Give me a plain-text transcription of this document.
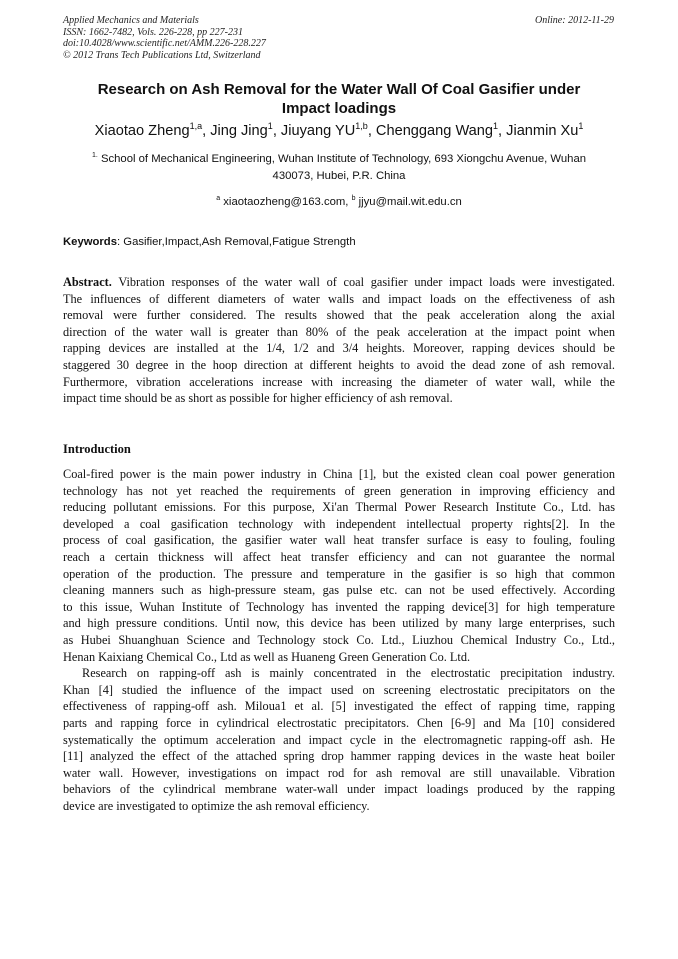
Applied Mechanics and Materials
ISSN: 1662-7482, Vols. 226-228, pp 227-231
doi:10.4028/www.scientific.net/AMM.226-228.227
© 2012 Trans Tech Publications Ltd, Switzerland
Online: 2012-11-29
Research on Ash Removal for the Water Wall Of Coal Gasifier under
Impact loadings
Xiaotao Zheng$^{1,a}$, Jing Jing$^1$, Jiuyang YU$^{1,b}$, Chenggang Wang$^1$, Jianmin Xu$^1$
$^{1.}$ School of Mechanical Engineering, Wuhan Institute of Technology, 693 Xiongchu Avenue, Wuhan
430073, Hubei, P.R. China
$^a$ xiaotaozheng@163.com, $^b$ jjyu@mail.wit.edu.cn
Keywords: Gasifier,Impact,Ash Removal,Fatigue Strength
Abstract. Vibration responses of the water wall of coal gasifier under impact loads were investigated.
The influences of different diameters of water walls and impact loads on the effectiveness of ash
removal were further considered. The results showed that the peak acceleration along the axial
direction of the water wall is greater than 80% of the peak acceleration at the impact point when
rapping devices are installed at the 1/4, 1/2 and 3/4 heights. Moreover, rapping devices should be
staggered 30 degree in the hoop direction at different heights to avoid the dead zone of ash removal.
Furthermore, vibration accelerations increase with increasing the diameter of water wall, while the
impact time should be as short as possible for higher efficiency of ash removal.
Introduction
Coal-fired power is the main power industry in China [1], but the existed clean coal power generation
technology has not yet reached the requirements of green generation in improving efficiency and
reducing pollutant emissions. For this purpose, Xi'an Thermal Power Research Institute Co., Ltd. has
developed a coal gasification technology with independent intellectual property rights[2]. In the
process of coal gasification, the gasifier water wall heat transfer surface is easy to fouling, fouling
reach a certain thickness will affect heat transfer efficiency and can not guarantee the normal
operation of the production. The pressure and temperature in the gasifier is so high that common
cleaning manners such as high-pressure steam, gas pulse etc. can not be used effectively. According
to this issue, Wuhan Institute of Technology has invented the rapping device[3] for high temperature
and high pressure conditions. Until now, this device has been utilized by many large enterprises, such
as Hubei Shuanghuan Science and Technology stock Co. Ltd., Liuzhou Chemical Industry Co., Ltd.,
Henan Kaixiang Chemical Co., Ltd as well as Huaneng Green Generation Co. Ltd.
Research on rapping-off ash is mainly concentrated in the electrostatic precipitation industry.
Khan [4] studied the influence of the impact used on screening electrostatic precipitators on the
effectiveness of rapping-off ash. Miloua1 et al. [5] investigated the effect of rapping time, rapping
parts and rapping force in cylindrical electrostatic precipitators. Chen [6-9] and Ma [10] considered
systematically the optimum acceleration and impact cycle in the electromagnetic rapping-off ash. He
[11] analyzed the effect of the attached spring drop hammer rapping devices in the waste heat boiler
water wall. However, investigations on impact rod for ash removal are still unavailable. Vibration
behaviors of the cylindrical membrane water-wall under impact loadings produced by the rapping
device are investigated to optimize the ash removal efficiency.
